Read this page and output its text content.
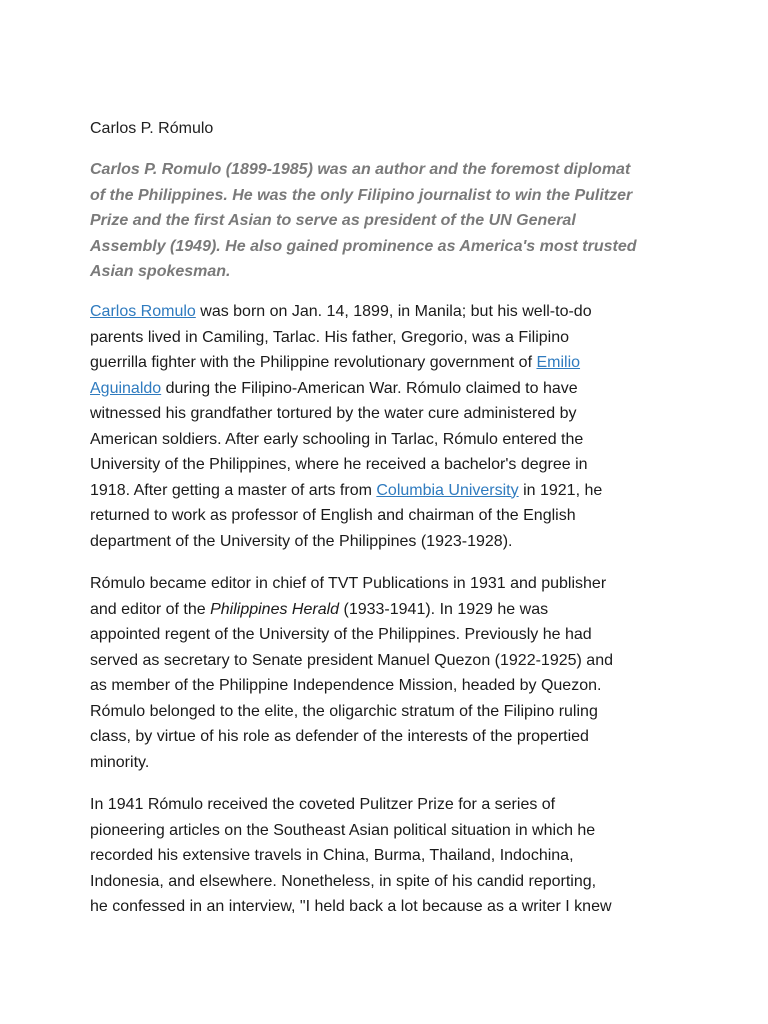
Carlos P. Rómulo

Carlos P. Romulo (1899-1985) was an author and the foremost diplomat
of the Philippines. He was the only Filipino journalist to win the Pulitzer
Prize and the first Asian to serve as president of the UN General
Assembly (1949). He also gained prominence as America's most trusted
Asian spokesman.

Carlos Romulo was born on Jan. 14, 1899, in Manila; but his well-to-do
parents lived in Camiling, Tarlac. His father, Gregorio, was a Filipino
guerrilla fighter with the Philippine revolutionary government of Emilio
Aguinaldo during the Filipino-American War. Rómulo claimed to have
witnessed his grandfather tortured by the water cure administered by
American soldiers. After early schooling in Tarlac, Rómulo entered the
University of the Philippines, where he received a bachelor's degree in
1918. After getting a master of arts from Columbia University in 1921, he
returned to work as professor of English and chairman of the English
department of the University of the Philippines (1923-1928).

Rómulo became editor in chief of TVT Publications in 1931 and publisher
and editor of the Philippines Herald (1933-1941). In 1929 he was
appointed regent of the University of the Philippines. Previously he had
served as secretary to Senate president Manuel Quezon (1922-1925) and
as member of the Philippine Independence Mission, headed by Quezon.
Rómulo belonged to the elite, the oligarchic stratum of the Filipino ruling
class, by virtue of his role as defender of the interests of the propertied
minority.

In 1941 Rómulo received the coveted Pulitzer Prize for a series of
pioneering articles on the Southeast Asian political situation in which he
recorded his extensive travels in China, Burma, Thailand, Indochina,
Indonesia, and elsewhere. Nonetheless, in spite of his candid reporting,
he confessed in an interview, "I held back a lot because as a writer I knew
